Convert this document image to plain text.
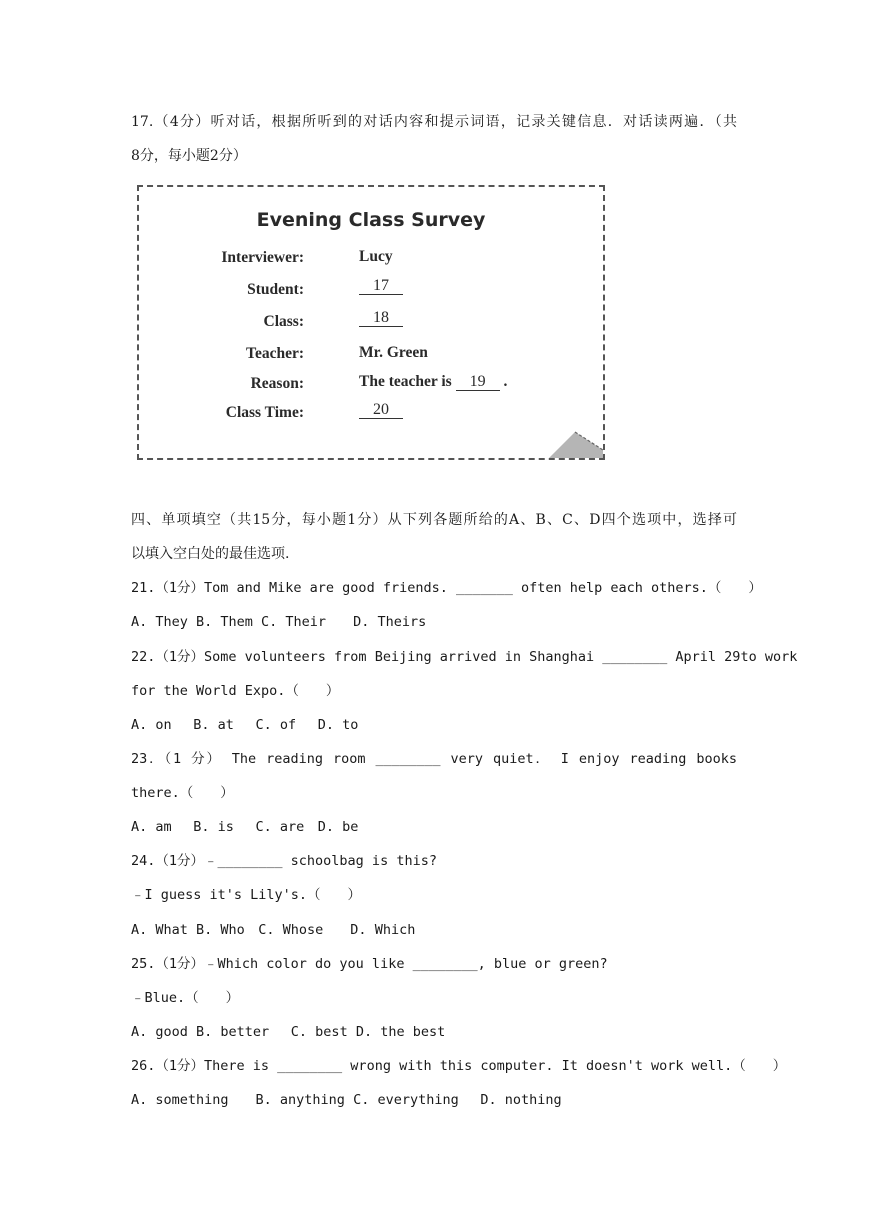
17.（4分）听对话，根据所听到的对话内容和提示词语，记录关键信息．对话读两遍．（共
8分，每小题2分）
Evening Class Survey
Interviewer:	Lucy
Student:	17
Class:	18
Teacher:	Mr. Green
Reason:	The teacher is 19 .
Class Time:	20
四、单项填空（共15分，每小题1分）从下列各题所给的A、B、C、D四个选项中，选择可
以填入空白处的最佳选项.
21.（1分）Tom and Mike are good friends. _______ often help each others.（　　）
A. They B. Them C. Their　　D. Theirs
22.（1分）Some volunteers from Beijing arrived in Shanghai ________ April 29to work
for the World Expo.（　　）
A. on　 B. at　 C. of　 D. to
23．（1 分） The reading room ________ very quiet． I enjoy reading books
there.（　　）
A. am　 B. is　 C. are　D. be
24.（1分）﹣________ schoolbag is this?
﹣I guess it's Lily's.（　　）
A. What B. Who　C. Whose　　D. Which
25.（1分）﹣Which color do you like ________, blue or green?
﹣Blue.（　　）
A. good B. better　 C. best D. the best
26.（1分）There is ________ wrong with this computer. It doesn't work well.（　　）
A. something　　B. anything C. everything　 D. nothing
